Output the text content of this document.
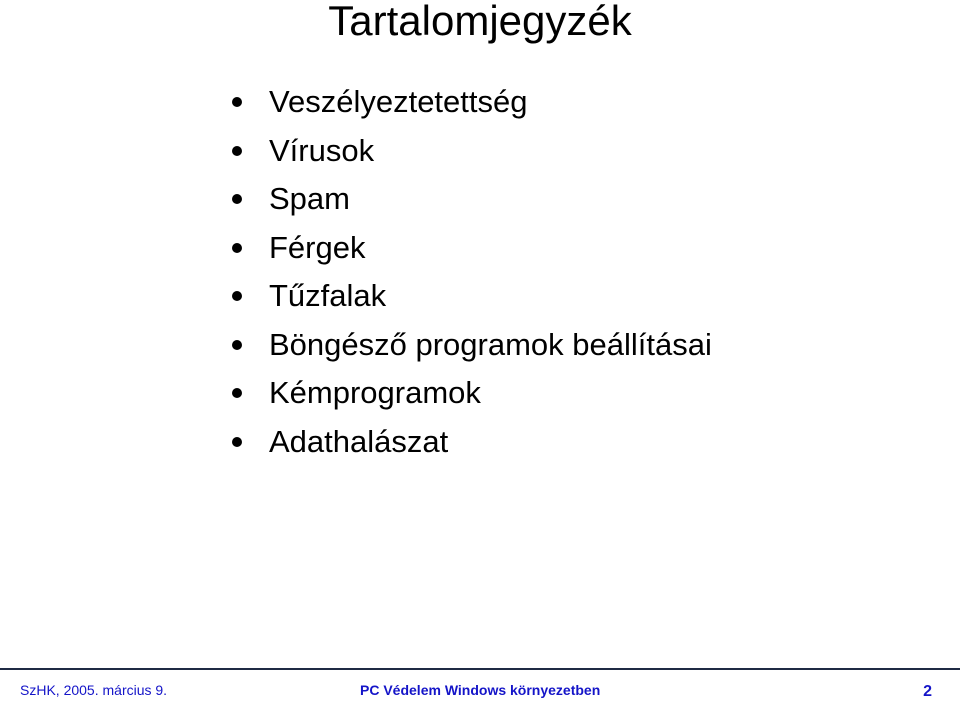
Tartalomjegyzék
Veszélyeztetettség
Vírusok
Spam
Férgek
Tűzfalak
Böngésző programok beállításai
Kémprogramok
Adathalászat
SzHK, 2005. március 9.	PC Védelem Windows környezetben	2
